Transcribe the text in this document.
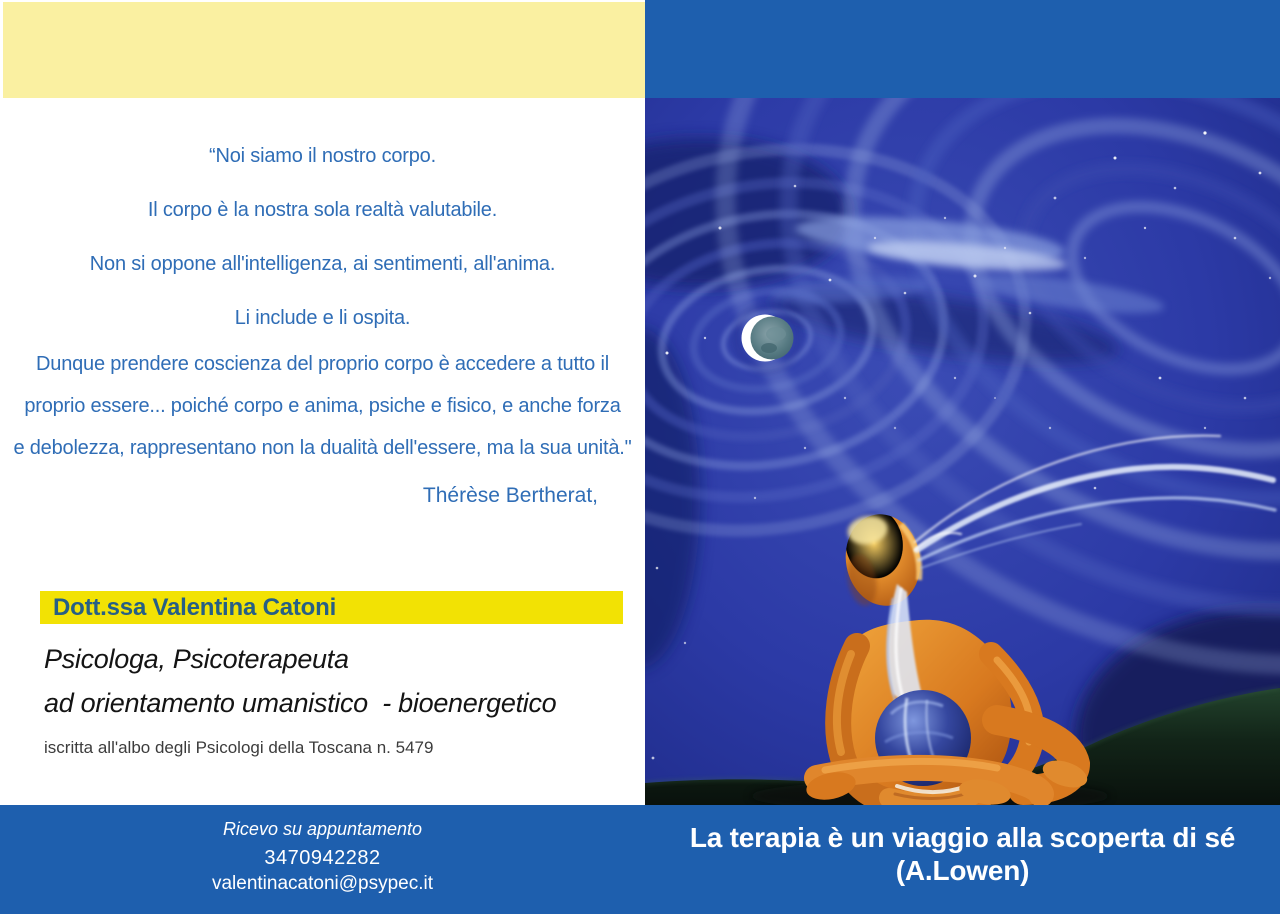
“Noi siamo il nostro corpo.
Il corpo è la nostra sola realtà valutabile.
Non si oppone all'intelligenza, ai sentimenti, all'anima.
Li include e li ospita.
Dunque prendere coscienza del proprio corpo è accedere a tutto il
proprio essere... poiché corpo e anima, psiche e fisico, e anche forza
e debolezza, rappresentano non la dualità dell'essere, ma la sua unità."
Thérèse Bertherat,
Dott.ssa Valentina Catoni
Psicologa, Psicoterapeuta
ad orientamento umanistico  - bioenergetico
iscritta all'albo degli Psicologi della Toscana n. 5479
Ricevo su appuntamento
3470942282
valentinacatoni@psypec.it
La terapia è un viaggio alla scoperta di sé
(A.Lowen)
